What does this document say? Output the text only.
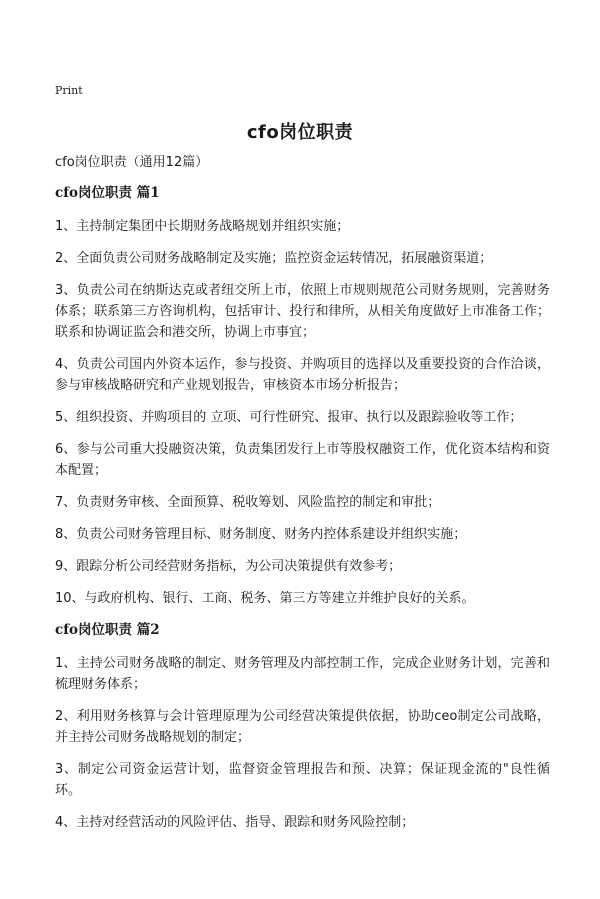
Print
cfo岗位职责

cfo岗位职责（通用12篇）

cfo岗位职责 篇1

1、主持制定集团中长期财务战略规划并组织实施；

2、全面负责公司财务战略制定及实施；监控资金运转情况，拓展融资渠道；

3、负责公司在纳斯达克或者纽交所上市，依照上市规则规范公司财务规则，完善财务体系；联系第三方咨询机构，包括审计、投行和律所，从相关角度做好上市准备工作；联系和协调证监会和港交所，协调上市事宜；

4、负责公司国内外资本运作，参与投资、并购项目的选择以及重要投资的合作洽谈，参与审核战略研究和产业规划报告，审核资本市场分析报告；

5、组织投资、并购项目的 立项、可行性研究、报审、执行以及跟踪验收等工作；

6、参与公司重大投融资决策，负责集团发行上市等股权融资工作，优化资本结构和资本配置；

7、负责财务审核、全面预算、税收筹划、风险监控的制定和审批；

8、负责公司财务管理目标、财务制度、财务内控体系建设并组织实施；

9、跟踪分析公司经营财务指标，为公司决策提供有效参考；

10、与政府机构、银行、工商、税务、第三方等建立并维护良好的关系。

cfo岗位职责 篇2

1、主持公司财务战略的制定、财务管理及内部控制工作，完成企业财务计划，完善和梳理财务体系；

2、利用财务核算与会计管理原理为公司经营决策提供依据，协助ceo制定公司战略，并主持公司财务战略规划的制定；

3、制定公司资金运营计划，监督资金管理报告和预、决算；保证现金流的"良性循环。

4、主持对经营活动的风险评估、指导、跟踪和财务风险控制；
